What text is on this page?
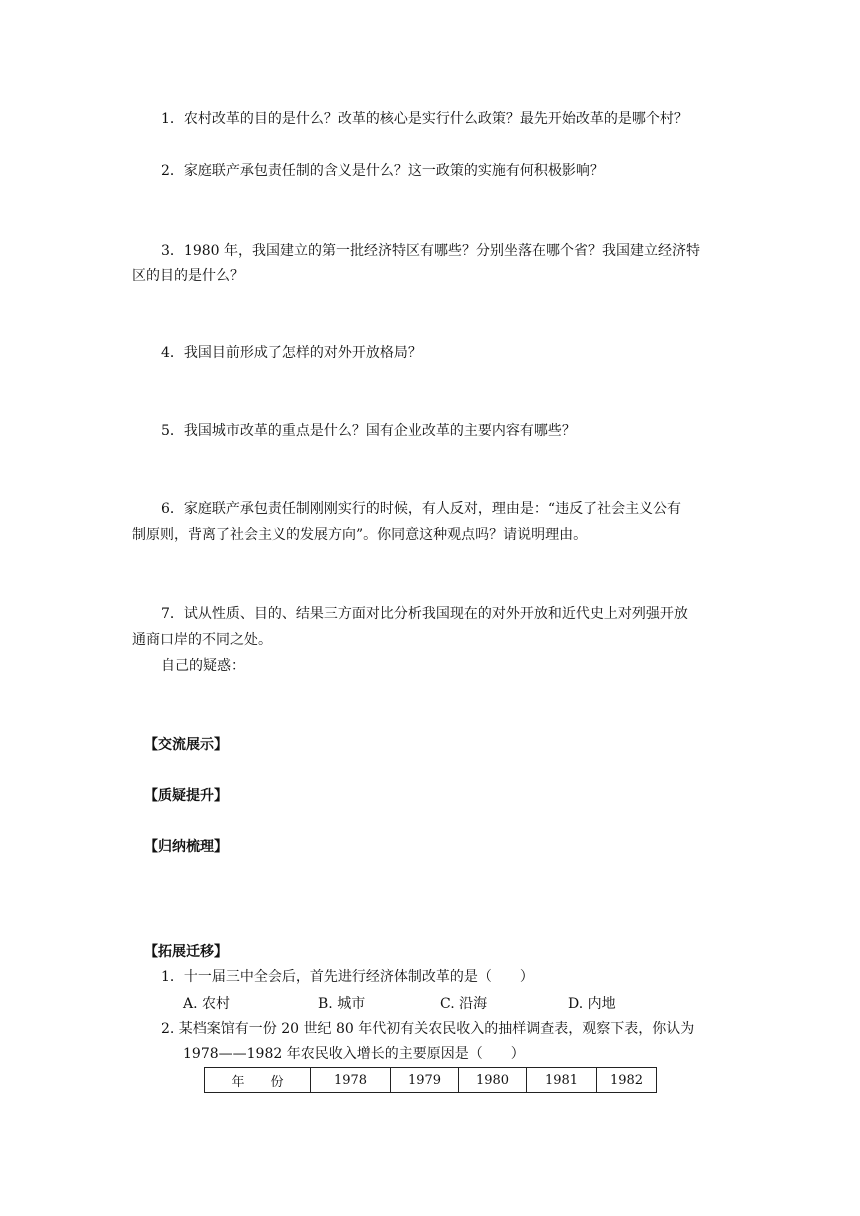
1．农村改革的目的是什么？改革的核心是实行什么政策？最先开始改革的是哪个村？
2．家庭联产承包责任制的含义是什么？这一政策的实施有何积极影响？
3．1980 年，我国建立的第一批经济特区有哪些？分别坐落在哪个省？我国建立经济特
区的目的是什么？
4．我国目前形成了怎样的对外开放格局？
5．我国城市改革的重点是什么？国有企业改革的主要内容有哪些？
6．家庭联产承包责任制刚刚实行的时候，有人反对，理由是：“违反了社会主义公有
制原则，背离了社会主义的发展方向”。你同意这种观点吗？请说明理由。
7．试从性质、目的、结果三方面对比分析我国现在的对外开放和近代史上对列强开放
通商口岸的不同之处。
自己的疑惑：
【交流展示】
【质疑提升】
【归纳梳理】
【拓展迁移】
1．十一届三中全会后，首先进行经济体制改革的是（　　）
A. 农村	B. 城市	C. 沿海	D. 内地
2. 某档案馆有一份 20 世纪 80 年代初有关农民收入的抽样调查表，观察下表，你认为
1978——1982 年农民收入增长的主要原因是（　　）
年　　份	1978	1979	1980	1981	1982
